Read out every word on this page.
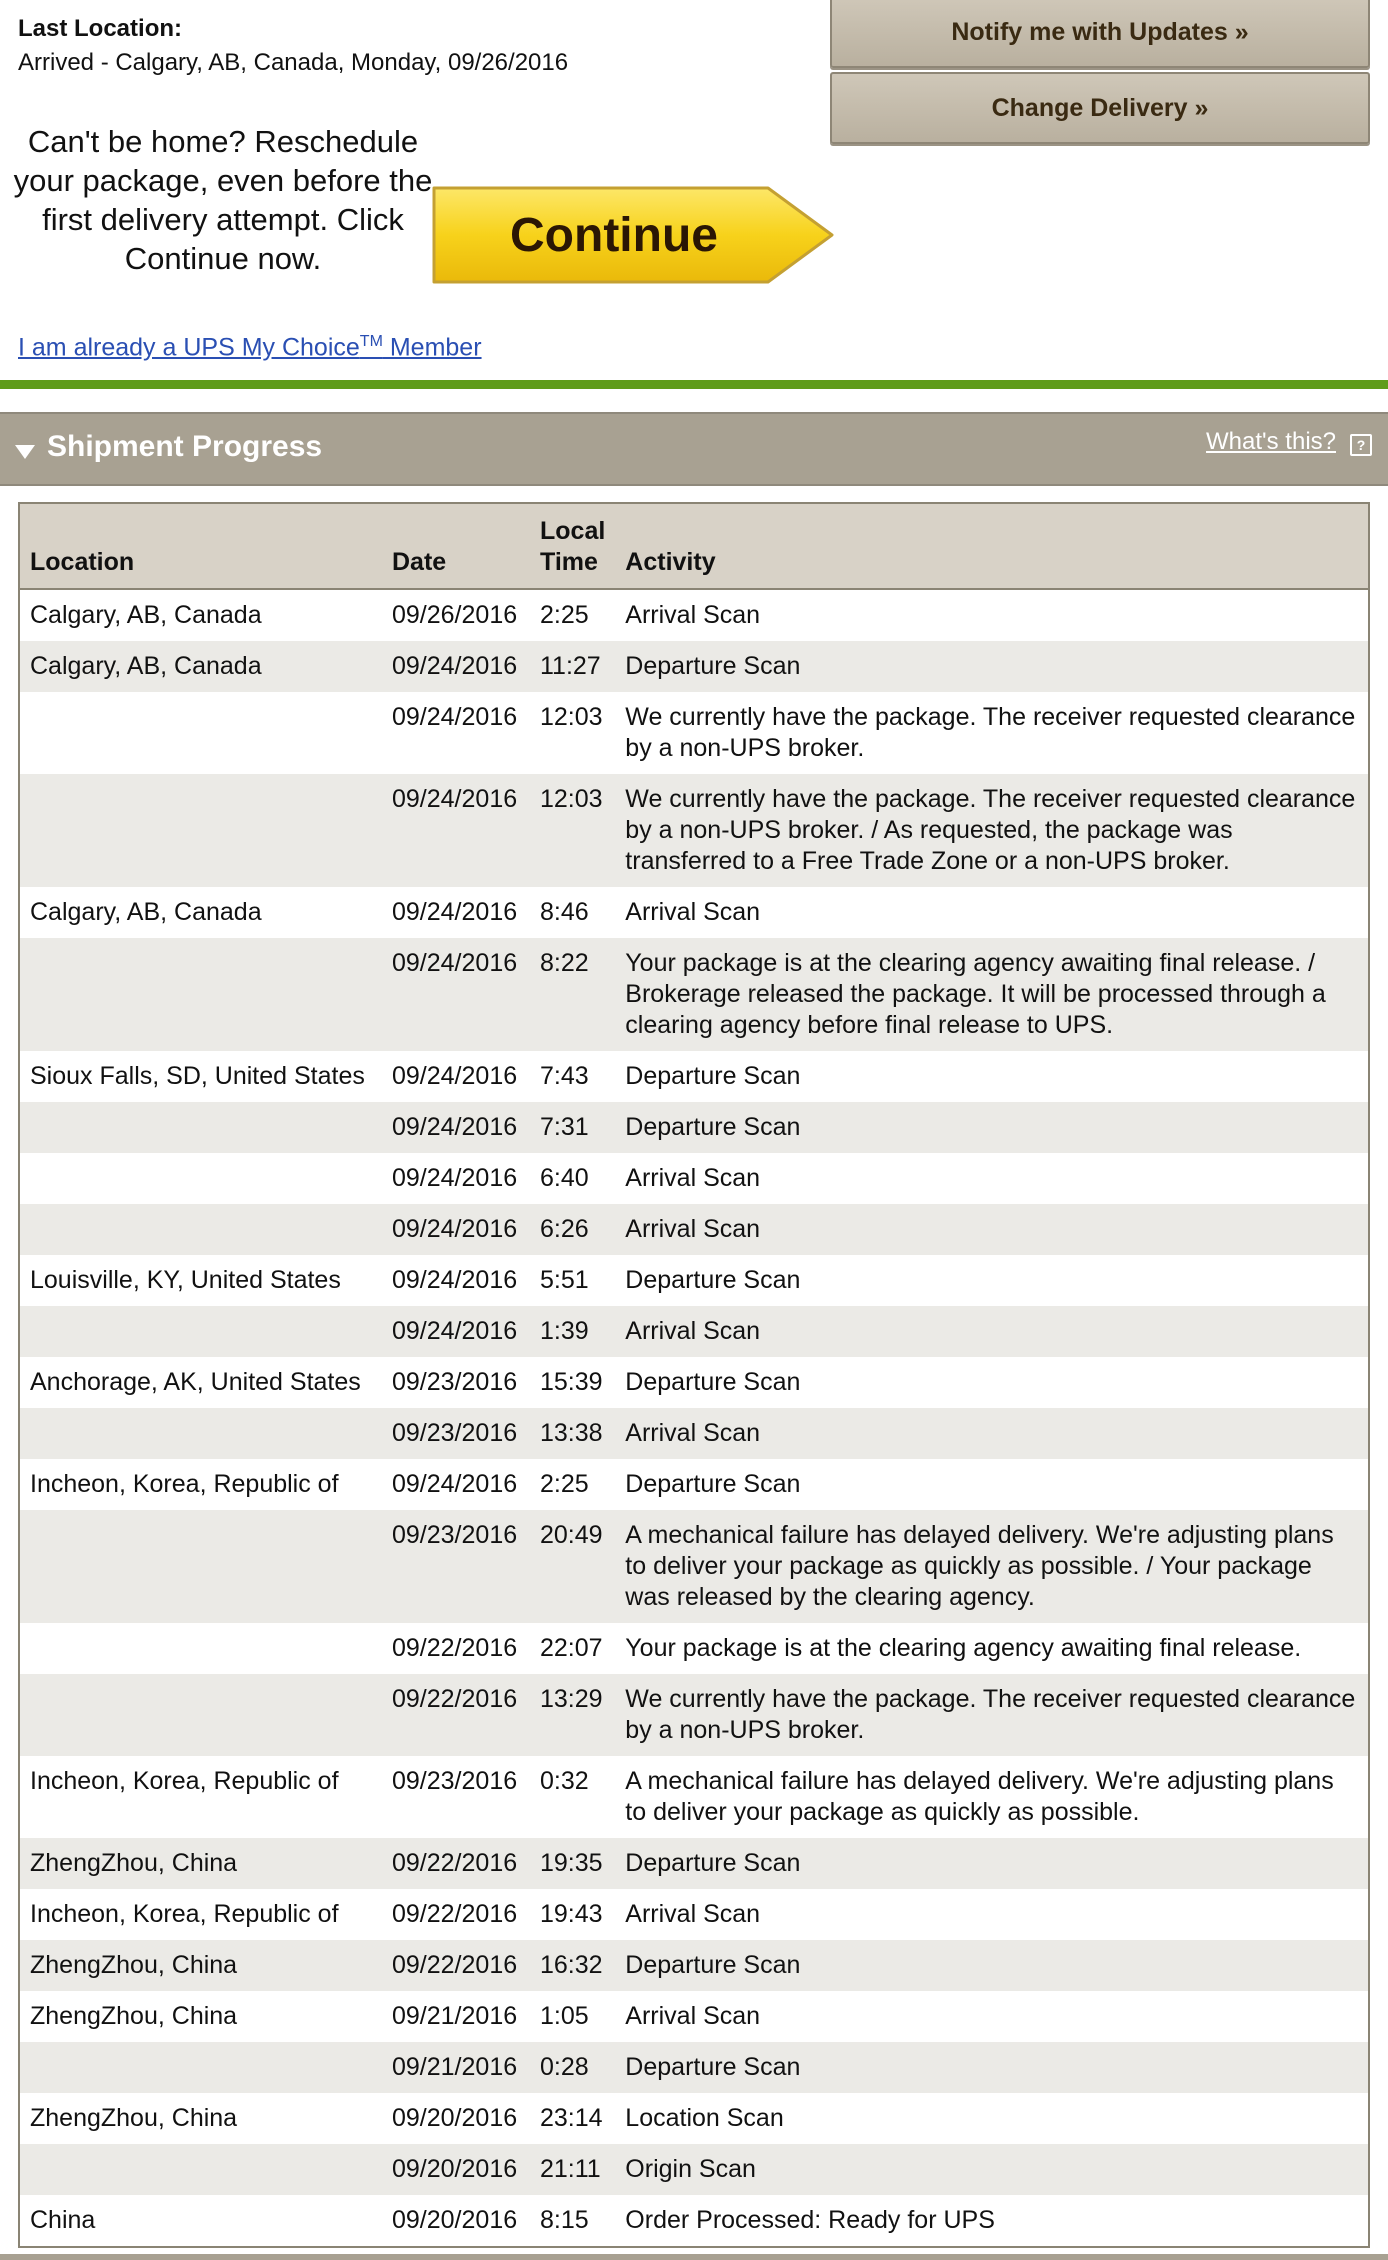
Last Location:
Arrived - Calgary, AB, Canada, Monday, 09/26/2016
Notify me with Updates »
Change Delivery »
Can't be home? Reschedule your package, even before the first delivery attempt. Click Continue now.	Continue
I am already a UPS My Choice™ Member
Shipment Progress	What's this?	?
Location	Date	Local Time	Activity
Calgary, AB, Canada	09/26/2016	2:25	Arrival Scan
Calgary, AB, Canada	09/24/2016	11:27	Departure Scan
	09/24/2016	12:03	We currently have the package. The receiver requested clearance by a non-UPS broker.
	09/24/2016	12:03	We currently have the package. The receiver requested clearance by a non-UPS broker. / As requested, the package was transferred to a Free Trade Zone or a non-UPS broker.
Calgary, AB, Canada	09/24/2016	8:46	Arrival Scan
	09/24/2016	8:22	Your package is at the clearing agency awaiting final release. / Brokerage released the package. It will be processed through a clearing agency before final release to UPS.
Sioux Falls, SD, United States	09/24/2016	7:43	Departure Scan
	09/24/2016	7:31	Departure Scan
	09/24/2016	6:40	Arrival Scan
	09/24/2016	6:26	Arrival Scan
Louisville, KY, United States	09/24/2016	5:51	Departure Scan
	09/24/2016	1:39	Arrival Scan
Anchorage, AK, United States	09/23/2016	15:39	Departure Scan
	09/23/2016	13:38	Arrival Scan
Incheon, Korea, Republic of	09/24/2016	2:25	Departure Scan
	09/23/2016	20:49	A mechanical failure has delayed delivery. We're adjusting plans to deliver your package as quickly as possible. / Your package was released by the clearing agency.
	09/22/2016	22:07	Your package is at the clearing agency awaiting final release.
	09/22/2016	13:29	We currently have the package. The receiver requested clearance by a non-UPS broker.
Incheon, Korea, Republic of	09/23/2016	0:32	A mechanical failure has delayed delivery. We're adjusting plans to deliver your package as quickly as possible.
ZhengZhou, China	09/22/2016	19:35	Departure Scan
Incheon, Korea, Republic of	09/22/2016	19:43	Arrival Scan
ZhengZhou, China	09/22/2016	16:32	Departure Scan
ZhengZhou, China	09/21/2016	1:05	Arrival Scan
	09/21/2016	0:28	Departure Scan
ZhengZhou, China	09/20/2016	23:14	Location Scan
	09/20/2016	21:11	Origin Scan
China	09/20/2016	8:15	Order Processed: Ready for UPS
